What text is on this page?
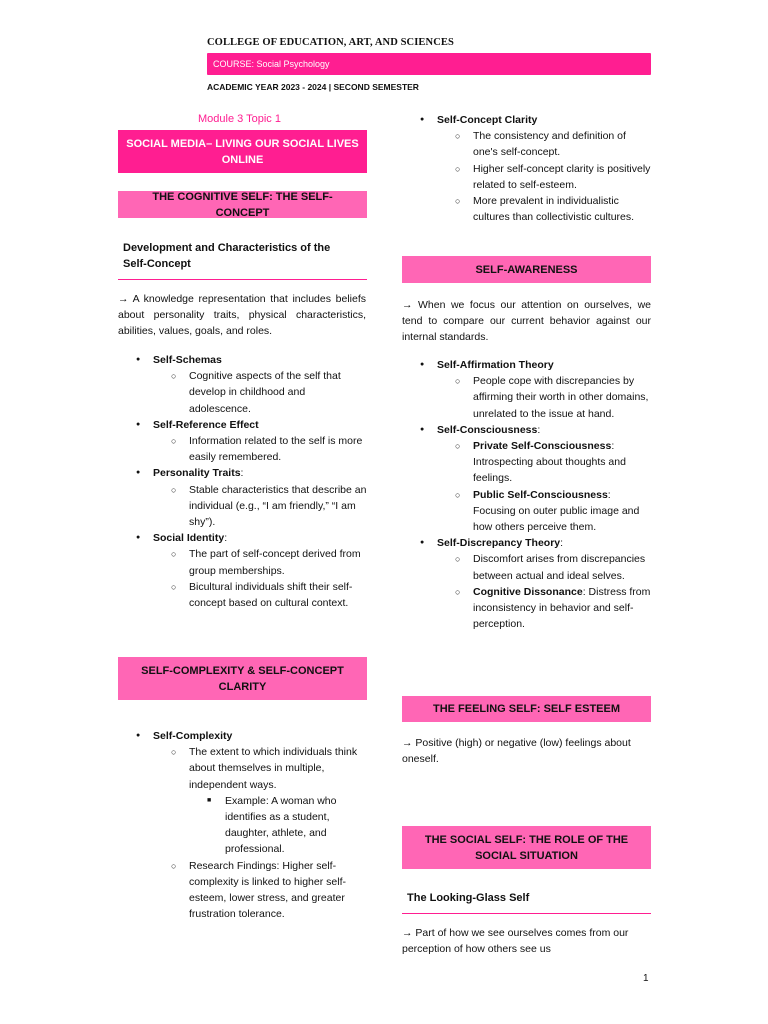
COLLEGE OF EDUCATION, ART, AND SCIENCES
COURSE: Social Psychology
ACADEMIC YEAR 2023 - 2024 | SECOND SEMESTER
Module 3 Topic 1
SOCIAL MEDIA– LIVING OUR SOCIAL LIVES ONLINE
THE COGNITIVE SELF: THE SELF-CONCEPT
Development and Characteristics of the Self-Concept
→ A knowledge representation that includes beliefs about personality traits, physical characteristics, abilities, values, goals, and roles.
● Self-Schemas
○ Cognitive aspects of the self that develop in childhood and adolescence.
● Self-Reference Effect
○ Information related to the self is more easily remembered.
● Personality Traits:
○ Stable characteristics that describe an individual (e.g., “I am friendly,” “I am shy”).
● Social Identity:
○ The part of self-concept derived from group memberships.
○ Bicultural individuals shift their self-concept based on cultural context.
SELF-COMPLEXITY & SELF-CONCEPT CLARITY
● Self-Complexity
○ The extent to which individuals think about themselves in multiple, independent ways.
■ Example: A woman who identifies as a student, daughter, athlete, and professional.
○ Research Findings: Higher self-complexity is linked to higher self-esteem, lower stress, and greater frustration tolerance.
● Self-Concept Clarity
○ The consistency and definition of one's self-concept.
○ Higher self-concept clarity is positively related to self-esteem.
○ More prevalent in individualistic cultures than collectivistic cultures.
SELF-AWARENESS
→ When we focus our attention on ourselves, we tend to compare our current behavior against our internal standards.
● Self-Affirmation Theory
○ People cope with discrepancies by affirming their worth in other domains, unrelated to the issue at hand.
● Self-Consciousness:
○ Private Self-Consciousness: Introspecting about thoughts and feelings.
○ Public Self-Consciousness: Focusing on outer public image and how others perceive them.
● Self-Discrepancy Theory:
○ Discomfort arises from discrepancies between actual and ideal selves.
○ Cognitive Dissonance: Distress from inconsistency in behavior and self-perception.
THE FEELING SELF: SELF ESTEEM
→ Positive (high) or negative (low) feelings about oneself.
THE SOCIAL SELF: THE ROLE OF THE SOCIAL SITUATION
The Looking-Glass Self
→ Part of how we see ourselves comes from our perception of how others see us
1
